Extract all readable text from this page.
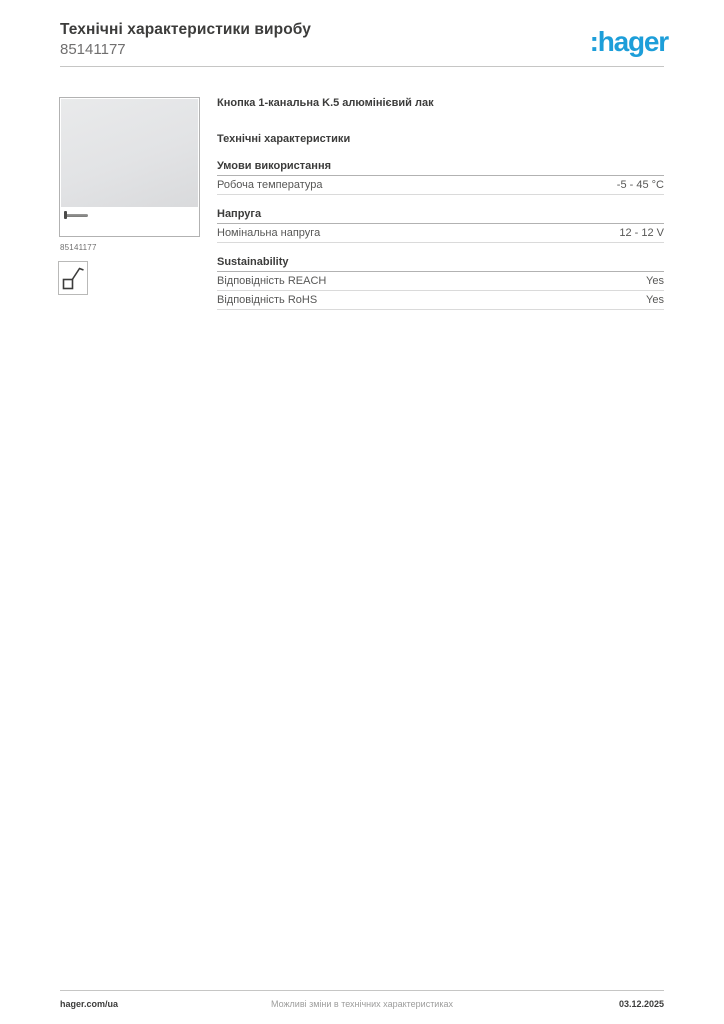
Технічні характеристики виробу
85141177	:hager
85141177
Кнопка 1-канальна K.5 алюмінієвий лак
Технічні характеристики
Умови використання
Робоча температура	-5 - 45 °C
Напруга
Номінальна напруга	12 - 12 V
Sustainability
Відповідність REACH	Yes
Відповідність RoHS	Yes
hager.com/ua	Можливі зміни в технічних характеристиках	03.12.2025
